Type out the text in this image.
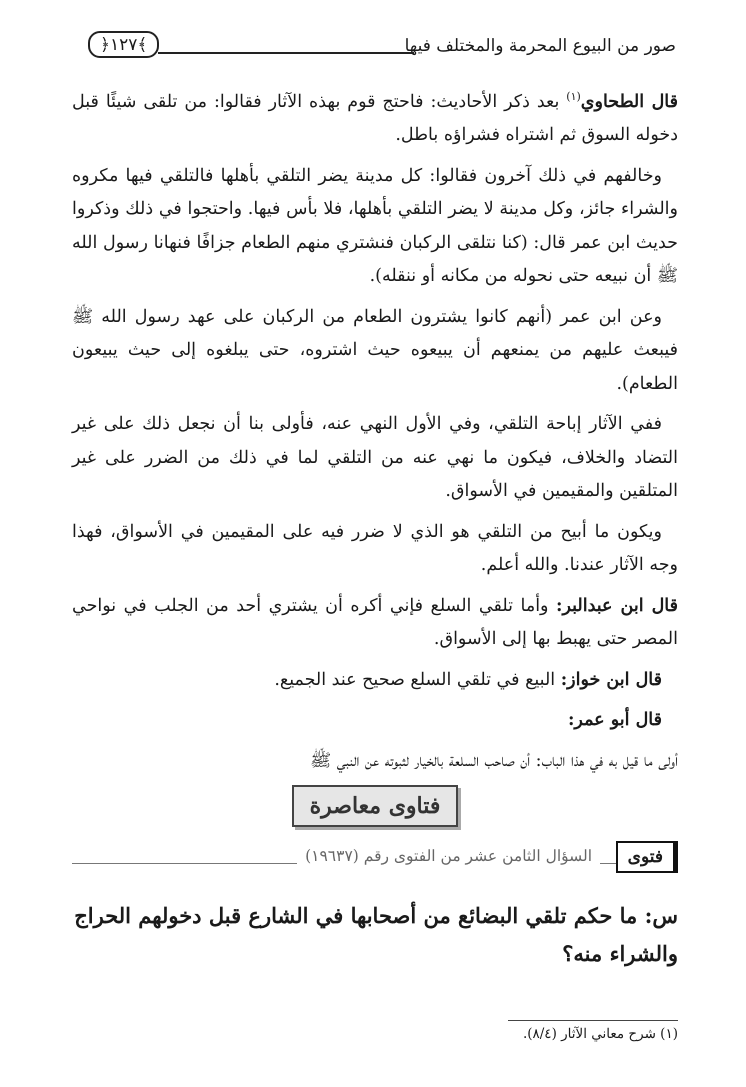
صور من البيوع المحرمة والمختلف فيها
﴿١٢٧﴾

قال الطحاوي$^{(١)}$ بعد ذكر الأحاديث: فاحتج قوم بهذه الآثار فقالوا: من تلقى شيئًا قبل دخوله السوق ثم اشتراه فشراؤه باطل.

وخالفهم في ذلك آخرون فقالوا: كل مدينة يضر التلقي بأهلها فالتلقي فيها مكروه والشراء جائز، وكل مدينة لا يضر التلقي بأهلها، فلا بأس فيها. واحتجوا في ذلك وذكروا حديث ابن عمر قال: (كنا نتلقى الركبان فنشتري منهم الطعام جزافًا فنهانا رسول الله ﷺ أن نبيعه حتى نحوله من مكانه أو ننقله).

وعن ابن عمر (أنهم كانوا يشترون الطعام من الركبان على عهد رسول الله ﷺ فيبعث عليهم من يمنعهم أن يبيعوه حيث اشتروه، حتى يبلغوه إلى حيث يبيعون الطعام).

ففي الآثار إباحة التلقي، وفي الأول النهي عنه، فأولى بنا أن نجعل ذلك على غير التضاد والخلاف، فيكون ما نهي عنه من التلقي لما في ذلك من الضرر على غير المتلقين والمقيمين في الأسواق.

ويكون ما أبيح من التلقي هو الذي لا ضرر فيه على المقيمين في الأسواق، فهذا وجه الآثار عندنا. والله أعلم.

قال ابن عبدالبر: وأما تلقي السلع فإني أكره أن يشتري أحد من الجلب في نواحي المصر حتى يهبط بها إلى الأسواق.

قال ابن خواز: البيع في تلقي السلع صحيح عند الجميع.

قال أبو عمر:

أولى ما قيل به في هذا الباب: أن صاحب السلعة بالخيار لثبوته عن النبي ﷺ

فتاوى معاصرة
فتوى
السؤال الثامن عشر من الفتوى رقم (١٩٦٣٧)

س: ما حكم تلقي البضائع من أصحابها في الشارع قبل دخولهم الحراج والشراء منه؟

(١) شرح معاني الآثار (٨/٤).
